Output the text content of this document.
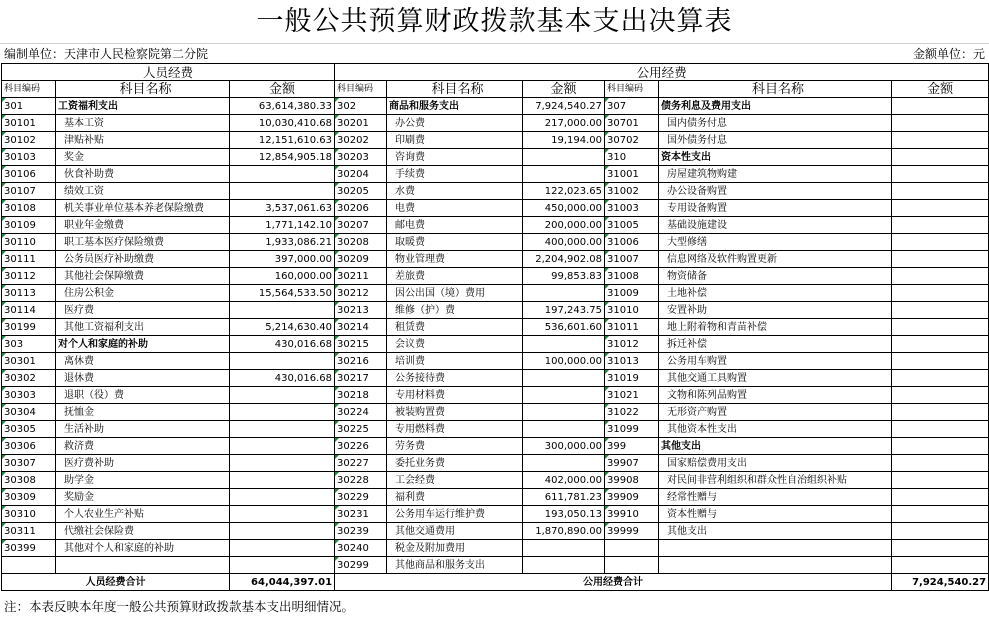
一般公共预算财政拨款基本支出决算表
编制单位：天津市人民检察院第二分院	金额单位：元
人员经费			公用经费					
科目编码	科目名称	金额	科目编码	科目名称	金额	科目编码	科目名称	金额
301	工资福利支出	63,614,380.33	302	商品和服务支出	7,924,540.27	307	债务利息及费用支出	
30101	基本工资	10,030,410.68	30201	办公费	217,000.00	30701	国内债务付息	
30102	津贴补贴	12,151,610.63	30202	印刷费	19,194.00	30702	国外债务付息	
30103	奖金	12,854,905.18	30203	咨询费		310	资本性支出	
30106	伙食补助费		30204	手续费		31001	房屋建筑物购建	
30107	绩效工资		30205	水费	122,023.65	31002	办公设备购置	
30108	机关事业单位基本养老保险缴费	3,537,061.63	30206	电费	450,000.00	31003	专用设备购置	
30109	职业年金缴费	1,771,142.10	30207	邮电费	200,000.00	31005	基础设施建设	
30110	职工基本医疗保险缴费	1,933,086.21	30208	取暖费	400,000.00	31006	大型修缮	
30111	公务员医疗补助缴费	397,000.00	30209	物业管理费	2,204,902.08	31007	信息网络及软件购置更新	
30112	其他社会保障缴费	160,000.00	30211	差旅费	99,853.83	31008	物资储备	
30113	住房公积金	15,564,533.50	30212	因公出国（境）费用		31009	土地补偿	
30114	医疗费		30213	维修（护）费	197,243.75	31010	安置补助	
30199	其他工资福利支出	5,214,630.40	30214	租赁费	536,601.60	31011	地上附着物和青苗补偿	
303	对个人和家庭的补助	430,016.68	30215	会议费		31012	拆迁补偿	
30301	离休费		30216	培训费	100,000.00	31013	公务用车购置	
30302	退休费	430,016.68	30217	公务接待费		31019	其他交通工具购置	
30303	退职（役）费		30218	专用材料费		31021	文物和陈列品购置	
30304	抚恤金		30224	被装购置费		31022	无形资产购置	
30305	生活补助		30225	专用燃料费		31099	其他资本性支出	
30306	救济费		30226	劳务费	300,000.00	399	其他支出	
30307	医疗费补助		30227	委托业务费		39907	国家赔偿费用支出	
30308	助学金		30228	工会经费	402,000.00	39908	对民间非营利组织和群众性自治组织补贴	
30309	奖励金		30229	福利费	611,781.23	39909	经常性赠与	
30310	个人农业生产补贴		30231	公务用车运行维护费	193,050.13	39910	资本性赠与	
30311	代缴社会保险费		30239	其他交通费用	1,870,890.00	39999	其他支出	
30399	其他对个人和家庭的补助		30240	税金及附加费用				
			30299	其他商品和服务支出				
人员经费合计		64,044,397.01	公用经费合计					7,924,540.27
注：本表反映本年度一般公共预算财政拨款基本支出明细情况。
